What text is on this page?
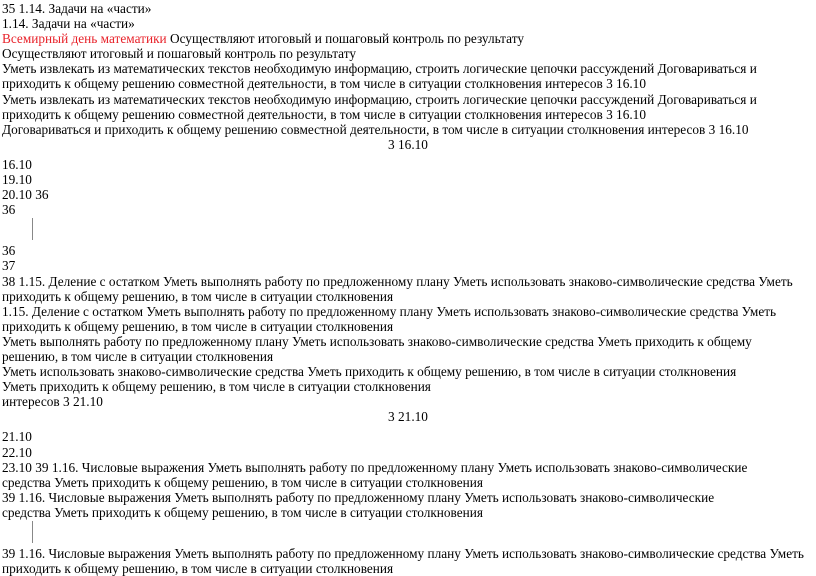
35 1.14. Задачи на «части»
1.14. Задачи на «части»
Всемирный день математики Осуществляют итоговый и пошаговый контроль по результату
Осуществляют итоговый и пошаговый контроль по результату
Уметь извлекать из математических текстов необходимую информацию, строить логические цепочки рассуждений Договариваться и
приходить к общему решению совместной деятельности, в том числе в ситуации столкновения интересов 3 16.10
Уметь извлекать из математических текстов необходимую информацию, строить логические цепочки рассуждений Договариваться и
приходить к общему решению совместной деятельности, в том числе в ситуации столкновения интересов 3 16.10
Договариваться и приходить к общему решению совместной деятельности, в том числе в ситуации столкновения интересов 3 16.10
3 16.10
16.10
19.10
20.10 36
36
36
37
38 1.15. Деление с остатком Уметь выполнять работу по предложенному плану Уметь использовать знаково-символические средства Уметь
приходить к общему решению, в том числе в ситуации столкновения
1.15. Деление с остатком Уметь выполнять работу по предложенному плану Уметь использовать знаково-символические средства Уметь
приходить к общему решению, в том числе в ситуации столкновения
Уметь выполнять работу по предложенному плану Уметь использовать знаково-символические средства Уметь приходить к общему
решению, в том числе в ситуации столкновения
Уметь использовать знаково-символические средства Уметь приходить к общему решению, в том числе в ситуации столкновения
Уметь приходить к общему решению, в том числе в ситуации столкновения
интересов 3 21.10
3 21.10
21.10
22.10
23.10 39 1.16. Числовые выражения Уметь выполнять работу по предложенному плану Уметь использовать знаково-символические
средства Уметь приходить к общему решению, в том числе в ситуации столкновения
39 1.16. Числовые выражения Уметь выполнять работу по предложенному плану Уметь использовать знаково-символические
средства Уметь приходить к общему решению, в том числе в ситуации столкновения
39 1.16. Числовые выражения Уметь выполнять работу по предложенному плану Уметь использовать знаково-символические средства Уметь
приходить к общему решению, в том числе в ситуации столкновения
